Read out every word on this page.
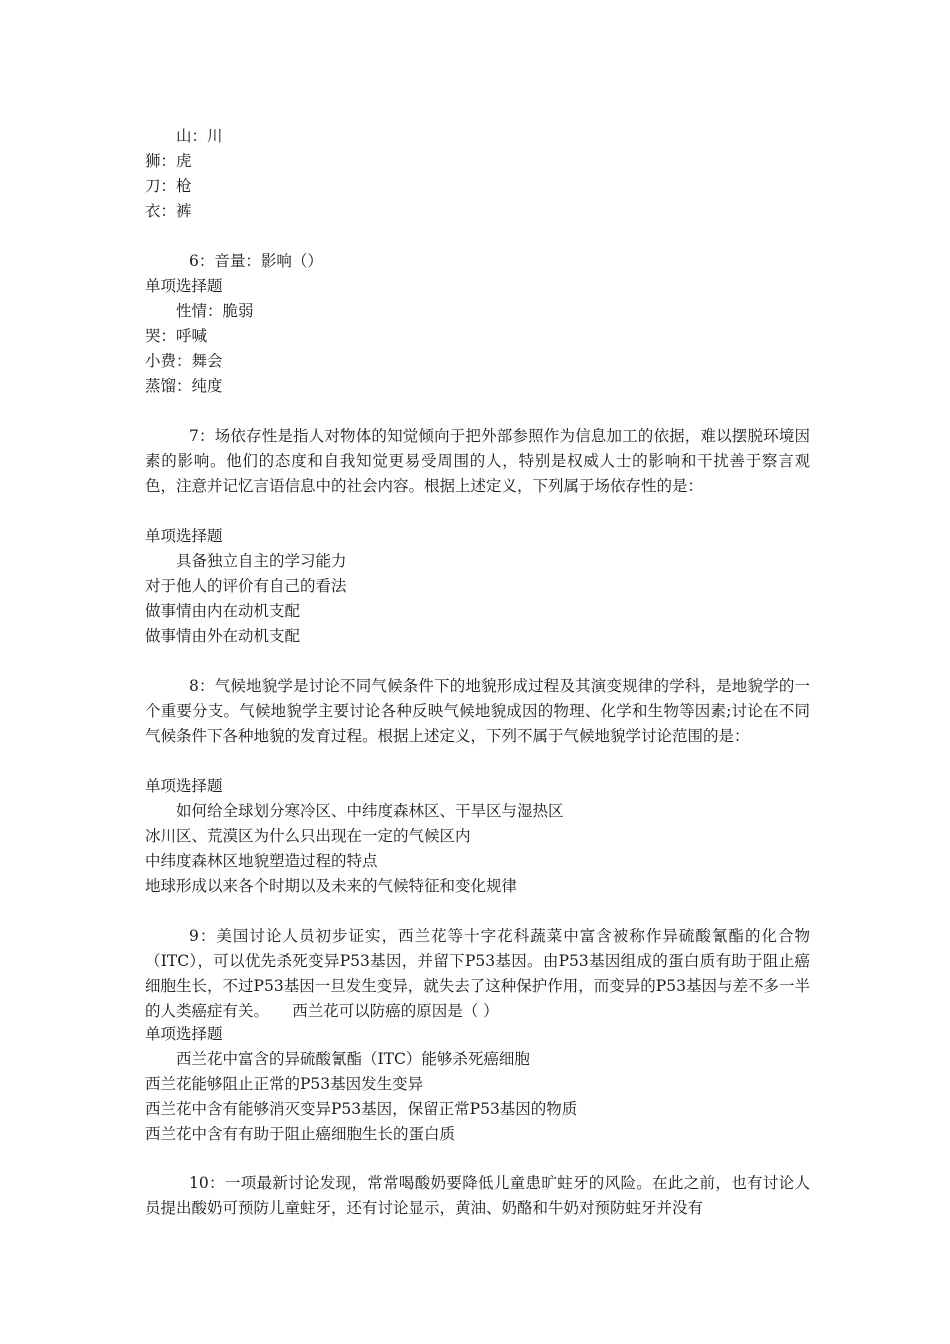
山：川
狮：虎
刀：枪
衣：裤
6：音量：影响（）
单项选择题
性情：脆弱
哭：呼喊
小费：舞会
蒸馏：纯度
7：场依存性是指人对物体的知觉倾向于把外部参照作为信息加工的依据，难以摆脱环境因素的影响。他们的态度和自我知觉更易受周围的人，特别是权威人士的影响和干扰善于察言观色，注意并记忆言语信息中的社会内容。根据上述定义，下列属于场依存性的是：
单项选择题
具备独立自主的学习能力
对于他人的评价有自己的看法
做事情由内在动机支配
做事情由外在动机支配
8：气候地貌学是讨论不同气候条件下的地貌形成过程及其演变规律的学科，是地貌学的一个重要分支。气候地貌学主要讨论各种反映气候地貌成因的物理、化学和生物等因素;讨论在不同气候条件下各种地貌的发育过程。根据上述定义，下列不属于气候地貌学讨论范围的是：
单项选择题
如何给全球划分寒冷区、中纬度森林区、干旱区与湿热区
冰川区、荒漠区为什么只出现在一定的气候区内
中纬度森林区地貌塑造过程的特点
地球形成以来各个时期以及未来的气候特征和变化规律
9：美国讨论人员初步证实，西兰花等十字花科蔬菜中富含被称作异硫酸氰酯的化合物（ITC），可以优先杀死变异P53基因，并留下P53基因。由P53基因组成的蛋白质有助于阻止癌细胞生长，不过P53基因一旦发生变异，就失去了这种保护作用，而变异的P53基因与差不多一半的人类癌症有关。　　西兰花可以防癌的原因是（ ）
单项选择题
西兰花中富含的异硫酸氰酯（ITC）能够杀死癌细胞
西兰花能够阻止正常的P53基因发生变异
西兰花中含有能够消灭变异P53基因，保留正常P53基因的物质
西兰花中含有有助于阻止癌细胞生长的蛋白质
10：一项最新讨论发现，常常喝酸奶要降低儿童患旷蛀牙的风险。在此之前，也有讨论人员提出酸奶可预防儿童蛀牙，还有讨论显示，黄油、奶酪和牛奶对预防蛀牙并没有
